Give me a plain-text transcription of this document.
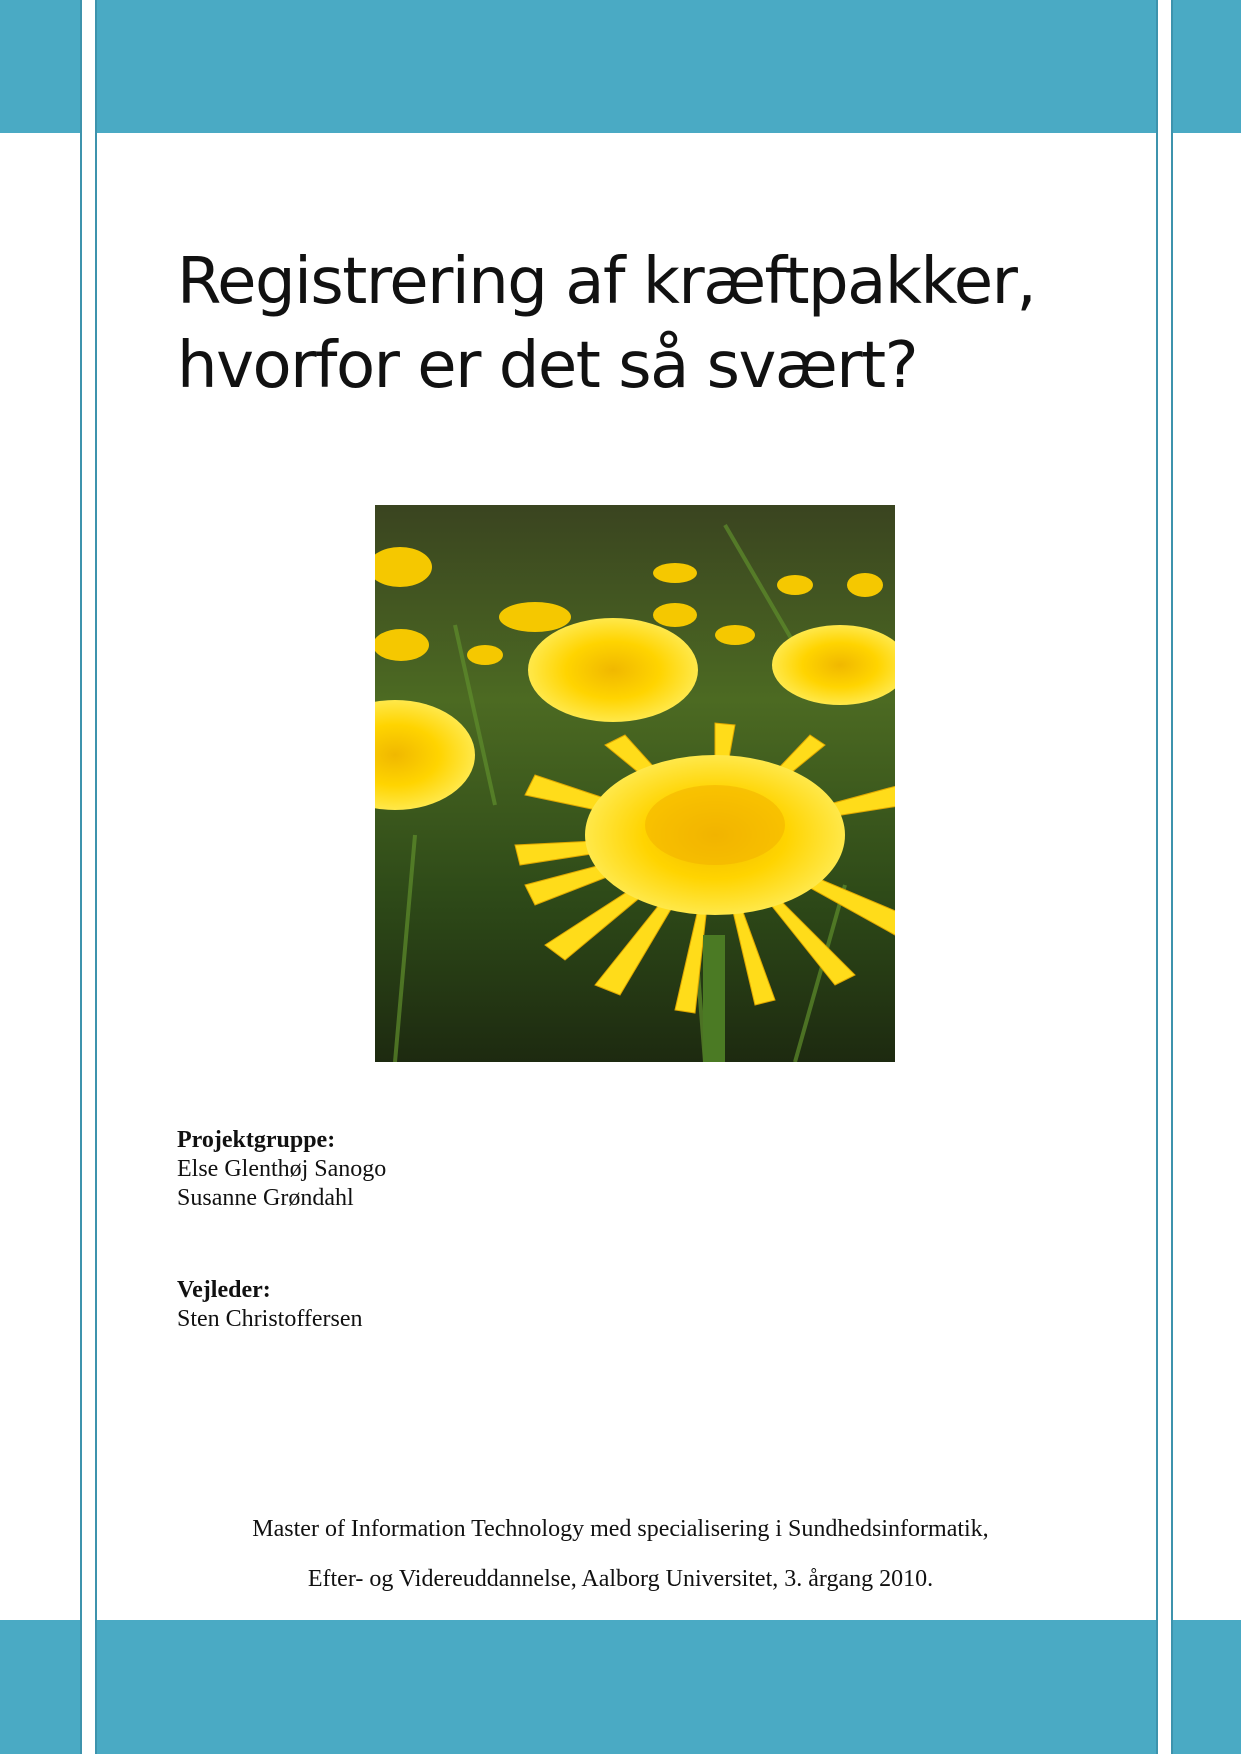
Registrering af kræftpakker,
hvorfor er det så svært?
Projektgruppe:
Else Glenthøj Sanogo
Susanne Grøndahl
Vejleder:
Sten Christoffersen
Master of Information Technology med specialisering i Sundhedsinformatik,
Efter- og Videreuddannelse, Aalborg Universitet, 3. årgang 2010.
